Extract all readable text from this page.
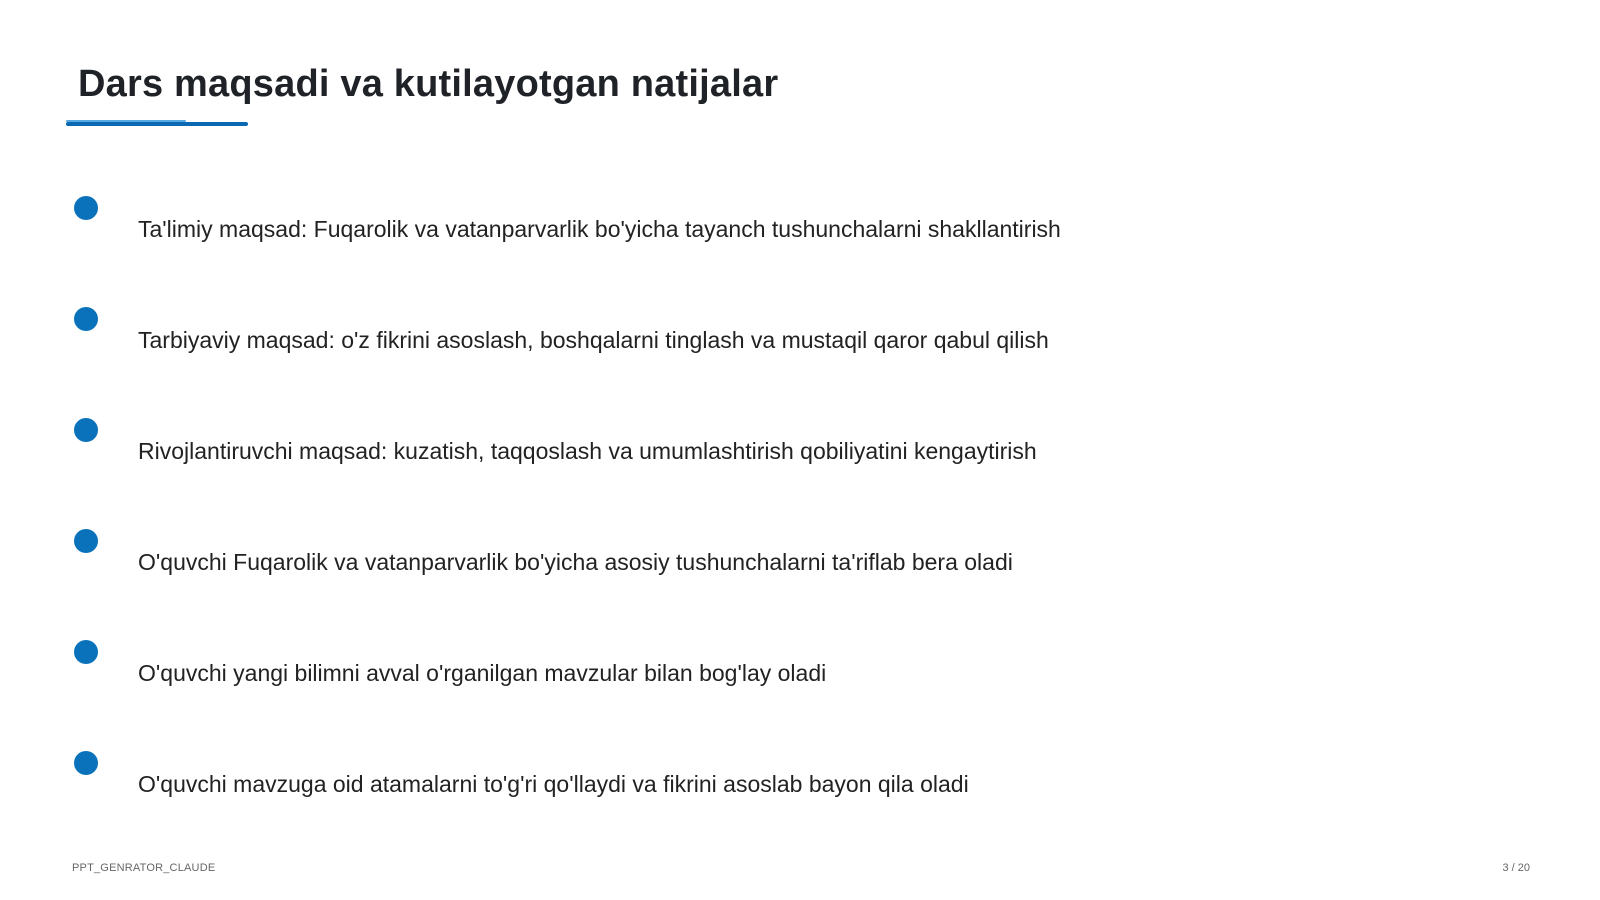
Dars maqsadi va kutilayotgan natijalar
Ta'limiy maqsad: Fuqarolik va vatanparvarlik bo'yicha tayanch tushunchalarni shakllantirish
Tarbiyaviy maqsad: o'z fikrini asoslash, boshqalarni tinglash va mustaqil qaror qabul qilish
Rivojlantiruvchi maqsad: kuzatish, taqqoslash va umumlashtirish qobiliyatini kengaytirish
O'quvchi Fuqarolik va vatanparvarlik bo'yicha asosiy tushunchalarni ta'riflab bera oladi
O'quvchi yangi bilimni avval o'rganilgan mavzular bilan bog'lay oladi
O'quvchi mavzuga oid atamalarni to'g'ri qo'llaydi va fikrini asoslab bayon qila oladi
PPT_GENRATOR_CLAUDE	3 / 20
